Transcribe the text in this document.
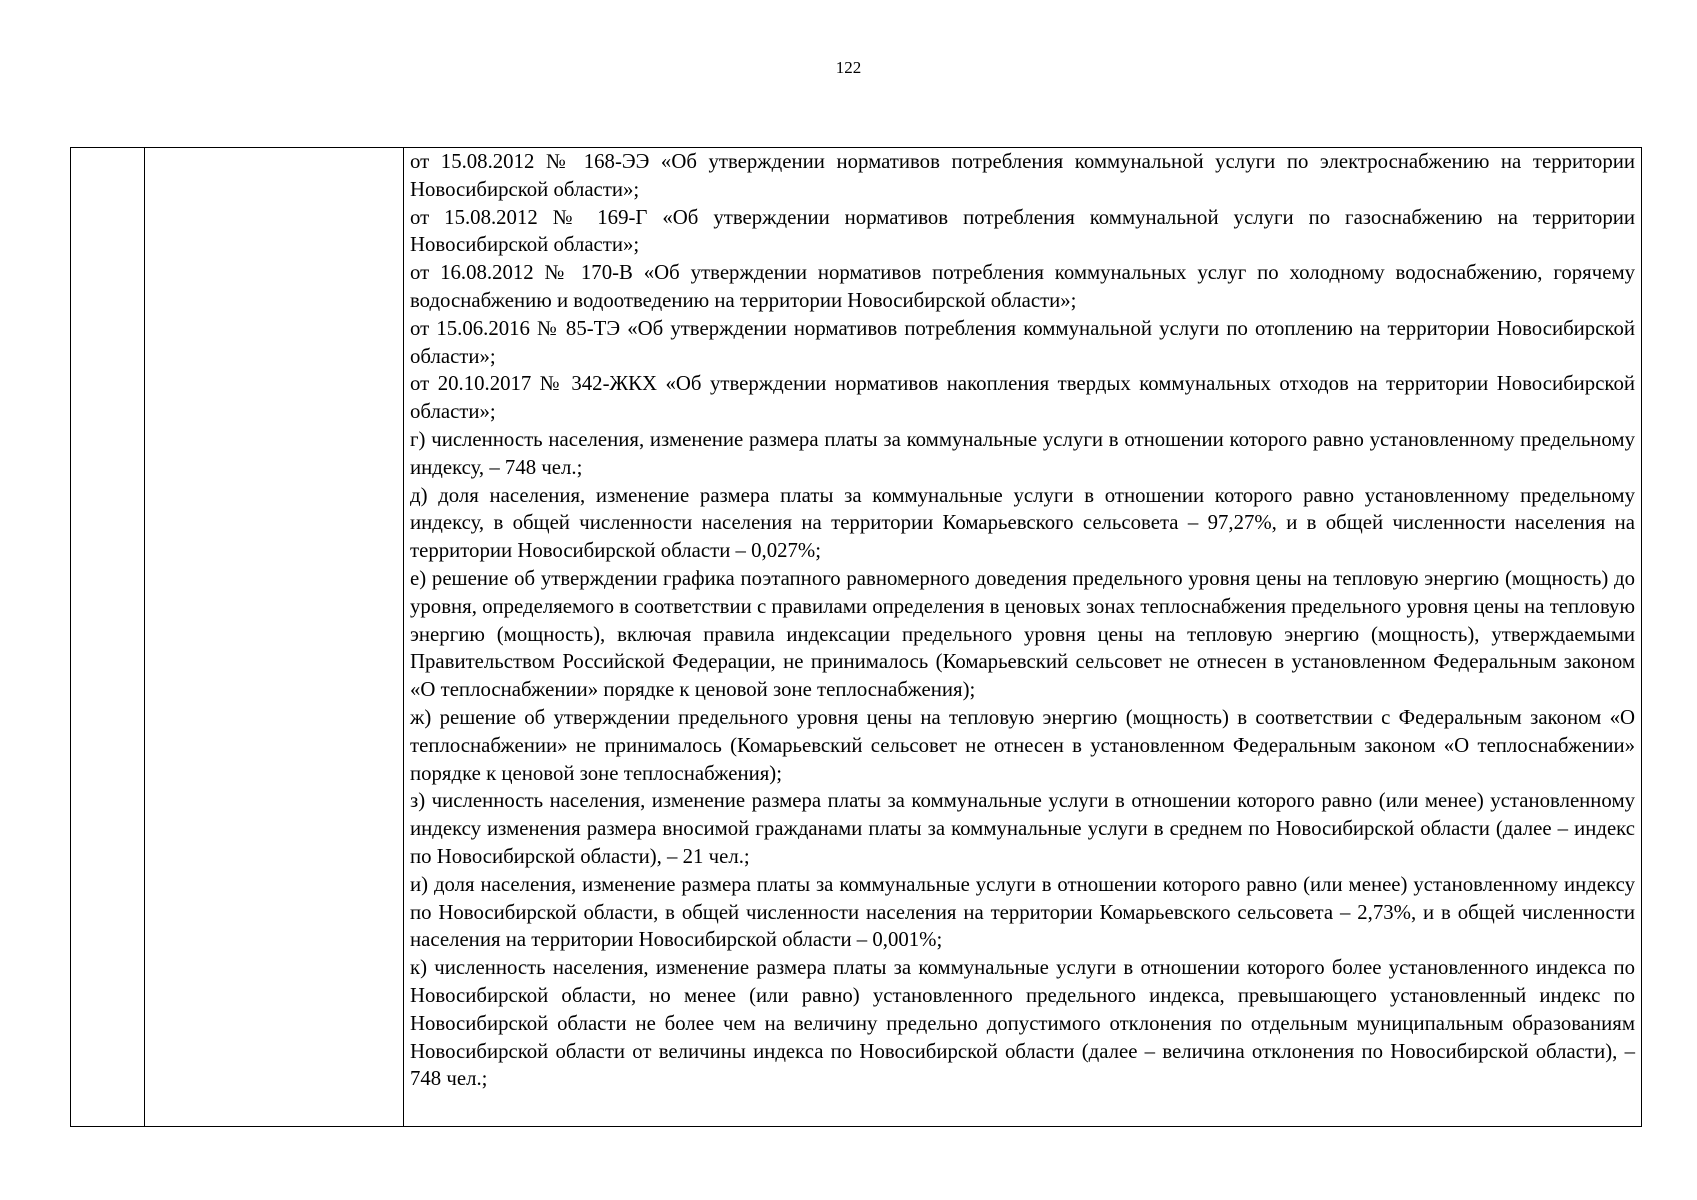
122

от 15.08.2012 № 168-ЭЭ «Об утверждении нормативов потребления коммунальной услуги по электроснабжению на территории Новосибирской области»;

от 15.08.2012 № 169-Г «Об утверждении нормативов потребления коммунальной услуги по газоснабжению на территории Новосибирской области»;

от 16.08.2012 № 170-В «Об утверждении нормативов потребления коммунальных услуг по холодному водоснабжению, горячему водоснабжению и водоотведению на территории Новосибирской области»;

от 15.06.2016 № 85-ТЭ «Об утверждении нормативов потребления коммунальной услуги по отоплению на территории Новосибирской области»;

от 20.10.2017 № 342-ЖКХ «Об утверждении нормативов накопления твердых коммунальных отходов на территории Новосибирской области»;

г) численность населения, изменение размера платы за коммунальные услуги в отношении которого равно установленному предельному индексу, – 748 чел.;

д) доля населения, изменение размера платы за коммунальные услуги в отношении которого равно установленному предельному индексу, в общей численности населения на территории Комарьевского сельсовета – 97,27%, и в общей численности населения на территории Новосибирской области – 0,027%;

е) решение об утверждении графика поэтапного равномерного доведения предельного уровня цены на тепловую энергию (мощность) до уровня, определяемого в соответствии с правилами определения в ценовых зонах теплоснабжения предельного уровня цены на тепловую энергию (мощность), включая правила индексации предельного уровня цены на тепловую энергию (мощность), утверждаемыми Правительством Российской Федерации, не принималось (Комарьевский сельсовет не отнесен в установленном Федеральным законом «О теплоснабжении» порядке к ценовой зоне теплоснабжения);

ж) решение об утверждении предельного уровня цены на тепловую энергию (мощность) в соответствии с Федеральным законом «О теплоснабжении» не принималось (Комарьевский сельсовет не отнесен в установленном Федеральным законом «О теплоснабжении» порядке к ценовой зоне теплоснабжения);

з) численность населения, изменение размера платы за коммунальные услуги в отношении которого равно (или менее) установленному индексу изменения размера вносимой гражданами платы за коммунальные услуги в среднем по Новосибирской области (далее – индекс по Новосибирской области), – 21 чел.;

и) доля населения, изменение размера платы за коммунальные услуги в отношении которого равно (или менее) установленному индексу по Новосибирской области, в общей численности населения на территории Комарьевского сельсовета – 2,73%, и в общей численности населения на территории Новосибирской области – 0,001%;

к) численность населения, изменение размера платы за коммунальные услуги в отношении которого более установленного индекса по Новосибирской области, но менее (или равно) установленного предельного индекса, превышающего установленный индекс по Новосибирской области не более чем на величину предельно допустимого отклонения по отдельным муниципальным образованиям Новосибирской области от величины индекса по Новосибирской области (далее – величина отклонения по Новосибирской области), – 748 чел.;
